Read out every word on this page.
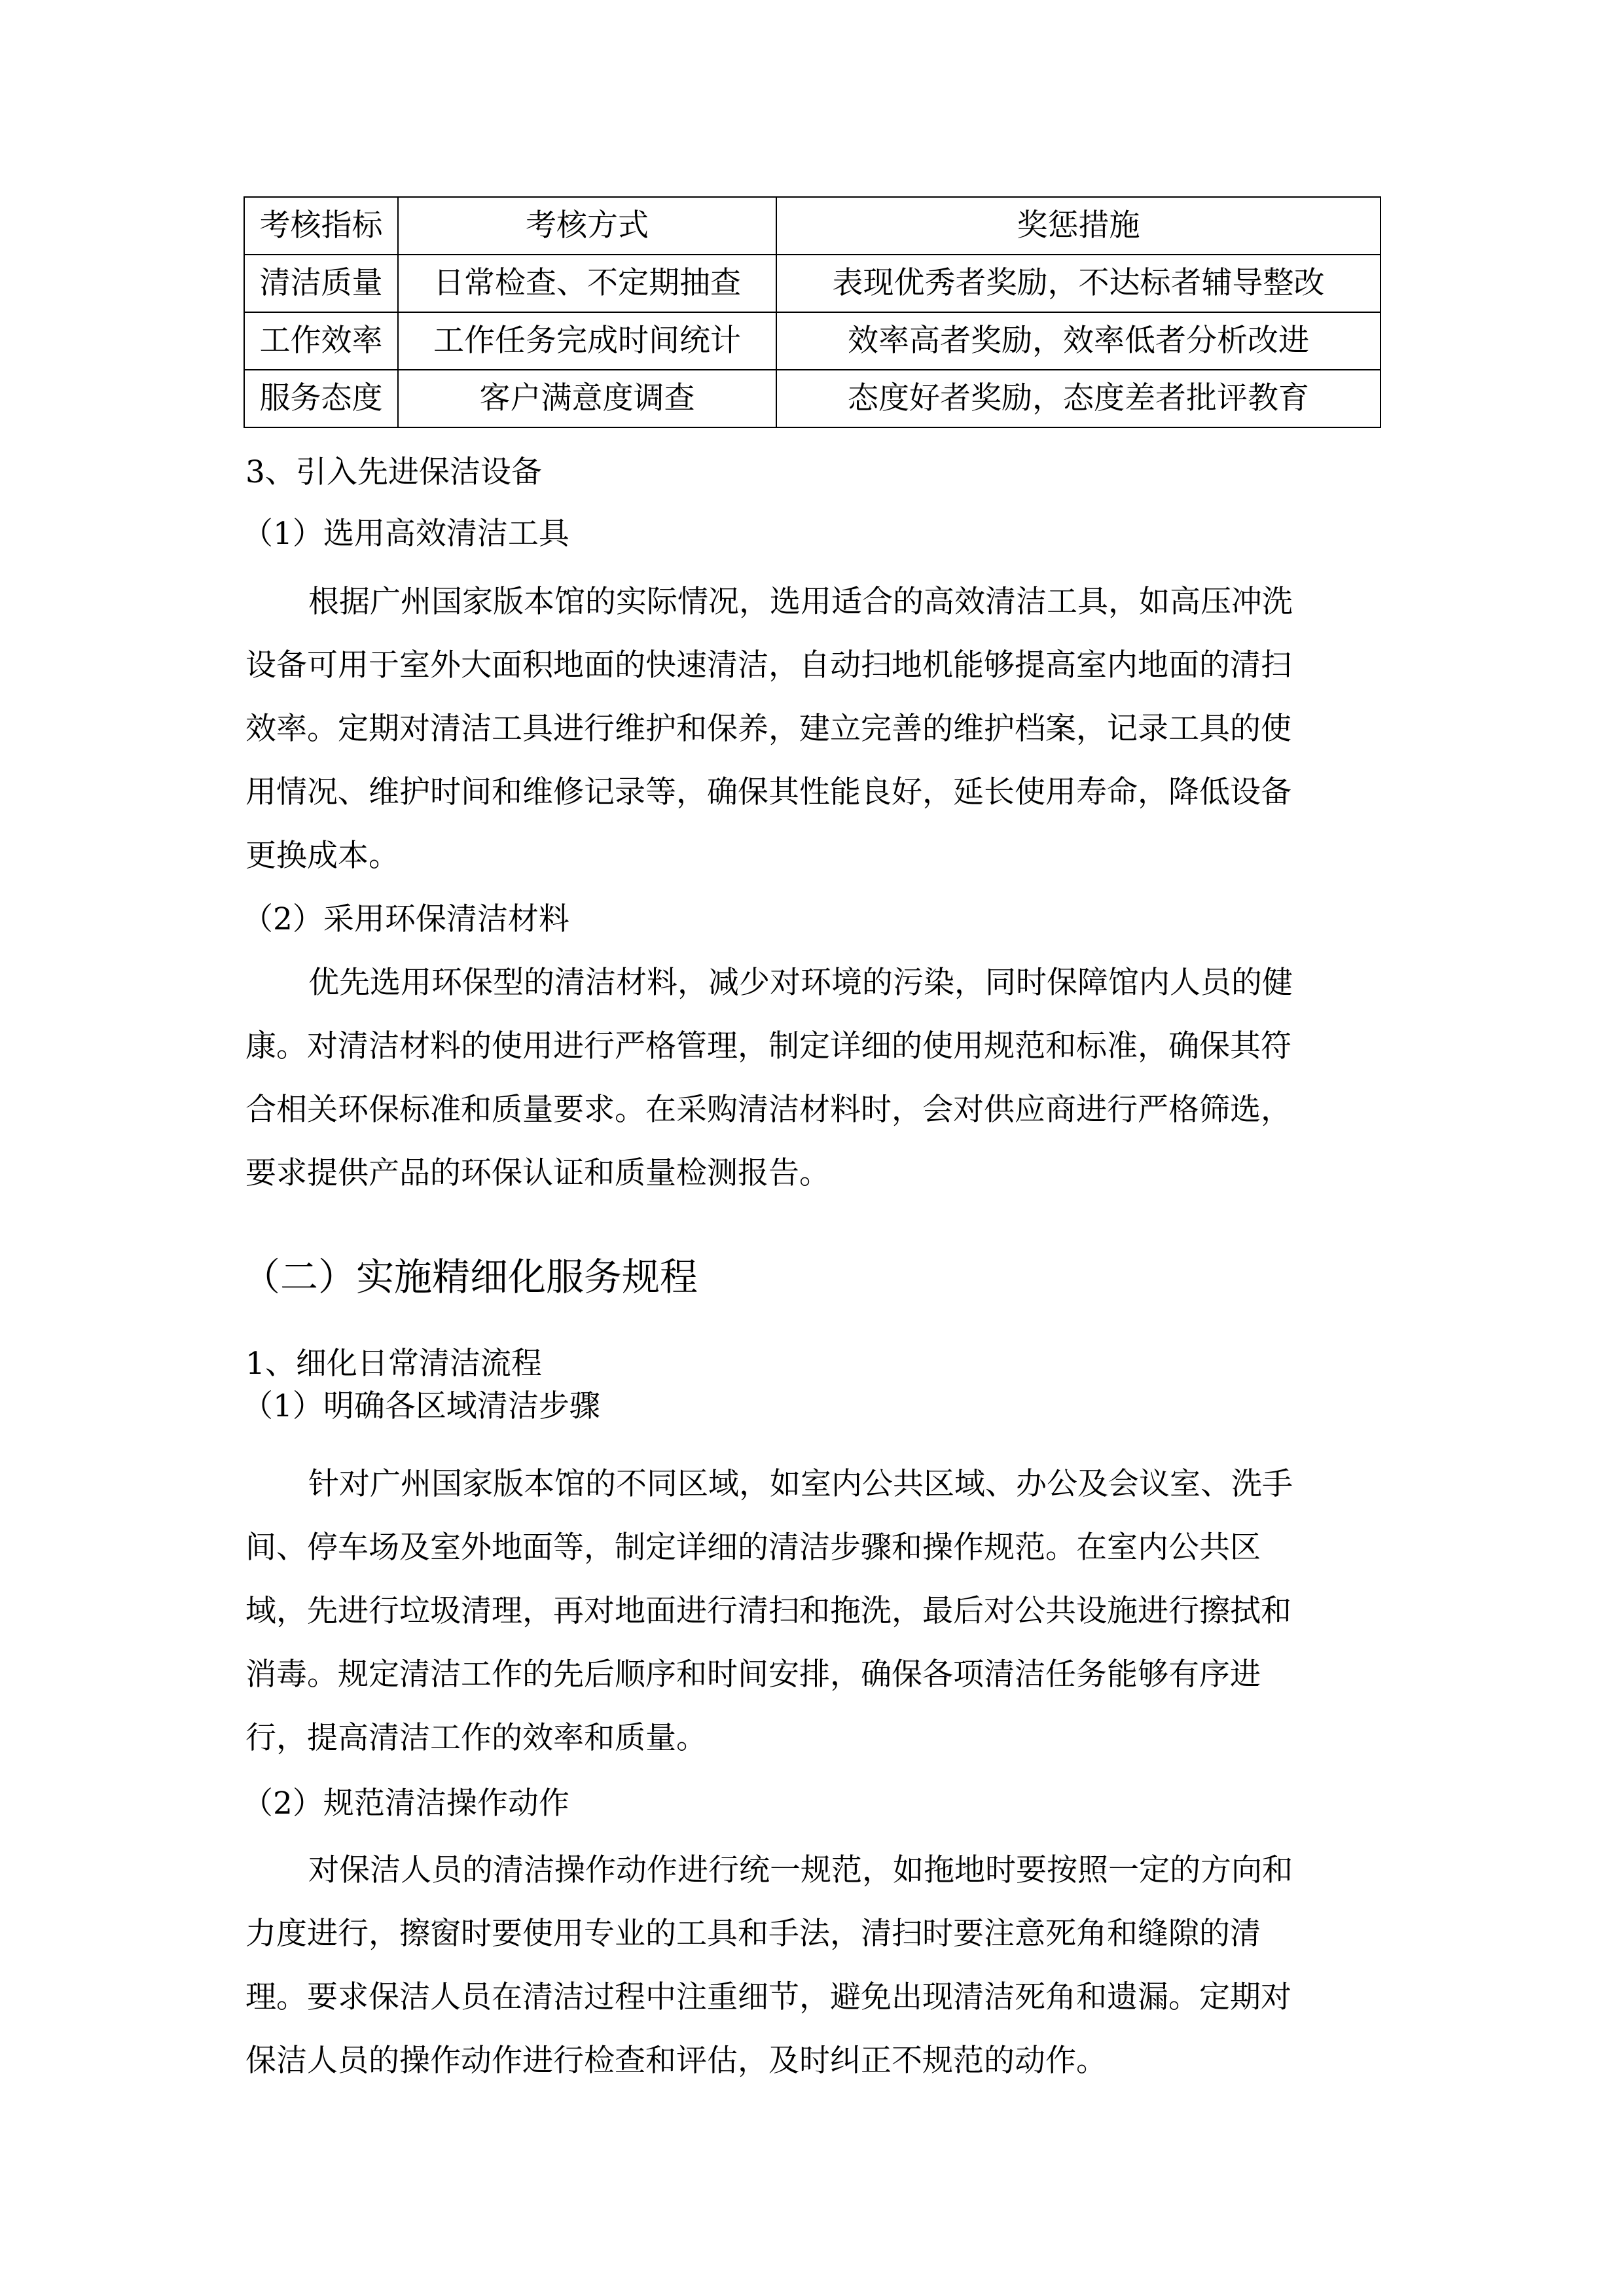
考核指标	考核方式	奖惩措施
清洁质量	日常检查、不定期抽查	表现优秀者奖励，不达标者辅导整改
工作效率	工作任务完成时间统计	效率高者奖励，效率低者分析改进
服务态度	客户满意度调查	态度好者奖励，态度差者批评教育
3、引入先进保洁设备
（1）选用高效清洁工具
根据广州国家版本馆的实际情况，选用适合的高效清洁工具，如高压冲洗
设备可用于室外大面积地面的快速清洁，自动扫地机能够提高室内地面的清扫
效率。定期对清洁工具进行维护和保养，建立完善的维护档案，记录工具的使
用情况、维护时间和维修记录等，确保其性能良好，延长使用寿命，降低设备
更换成本。
（2）采用环保清洁材料
优先选用环保型的清洁材料，减少对环境的污染，同时保障馆内人员的健
康。对清洁材料的使用进行严格管理，制定详细的使用规范和标准，确保其符
合相关环保标准和质量要求。在采购清洁材料时，会对供应商进行严格筛选，
要求提供产品的环保认证和质量检测报告。
（二）实施精细化服务规程
1、细化日常清洁流程
（1）明确各区域清洁步骤
针对广州国家版本馆的不同区域，如室内公共区域、办公及会议室、洗手
间、停车场及室外地面等，制定详细的清洁步骤和操作规范。在室内公共区
域，先进行垃圾清理，再对地面进行清扫和拖洗，最后对公共设施进行擦拭和
消毒。规定清洁工作的先后顺序和时间安排，确保各项清洁任务能够有序进
行，提高清洁工作的效率和质量。
（2）规范清洁操作动作
对保洁人员的清洁操作动作进行统一规范，如拖地时要按照一定的方向和
力度进行，擦窗时要使用专业的工具和手法，清扫时要注意死角和缝隙的清
理。要求保洁人员在清洁过程中注重细节，避免出现清洁死角和遗漏。定期对
保洁人员的操作动作进行检查和评估，及时纠正不规范的动作。
